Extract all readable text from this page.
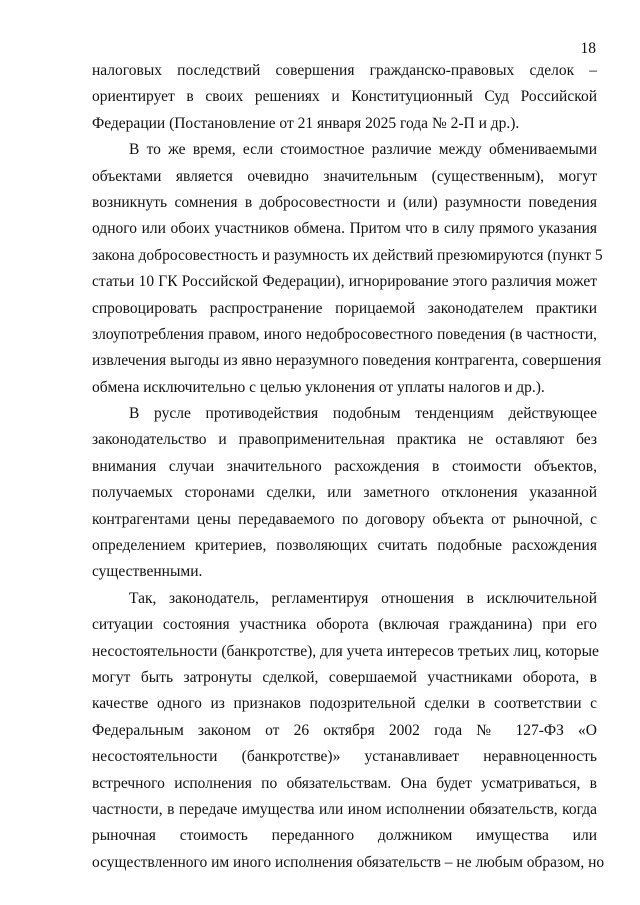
18
налоговых последствий совершения гражданско-правовых сделок –
ориентирует в своих решениях и Конституционный Суд Российской
Федерации (Постановление от 21 января 2025 года № 2-П и др.).
В то же время, если стоимостное различие между обмениваемыми
объектами является очевидно значительным (существенным), могут
возникнуть сомнения в добросовестности и (или) разумности поведения
одного или обоих участников обмена. Притом что в силу прямого указания
закона добросовестность и разумность их действий презюмируются (пункт 5
статьи 10 ГК Российской Федерации), игнорирование этого различия может
спровоцировать распространение порицаемой законодателем практики
злоупотребления правом, иного недобросовестного поведения (в частности,
извлечения выгоды из явно неразумного поведения контрагента, совершения
обмена исключительно с целью уклонения от уплаты налогов и др.).
В русле противодействия подобным тенденциям действующее
законодательство и правоприменительная практика не оставляют без
внимания случаи значительного расхождения в стоимости объектов,
получаемых сторонами сделки, или заметного отклонения указанной
контрагентами цены передаваемого по договору объекта от рыночной, с
определением критериев, позволяющих считать подобные расхождения
существенными.
Так, законодатель, регламентируя отношения в исключительной
ситуации состояния участника оборота (включая гражданина) при его
несостоятельности (банкротстве), для учета интересов третьих лиц, которые
могут быть затронуты сделкой, совершаемой участниками оборота, в
качестве одного из признаков подозрительной сделки в соответствии с
Федеральным законом от 26 октября 2002 года № 127-ФЗ «О
несостоятельности (банкротстве)» устанавливает неравноценность
встречного исполнения по обязательствам. Она будет усматриваться, в
частности, в передаче имущества или ином исполнении обязательств, когда
рыночная стоимость переданного должником имущества или
осуществленного им иного исполнения обязательств – не любым образом, но
